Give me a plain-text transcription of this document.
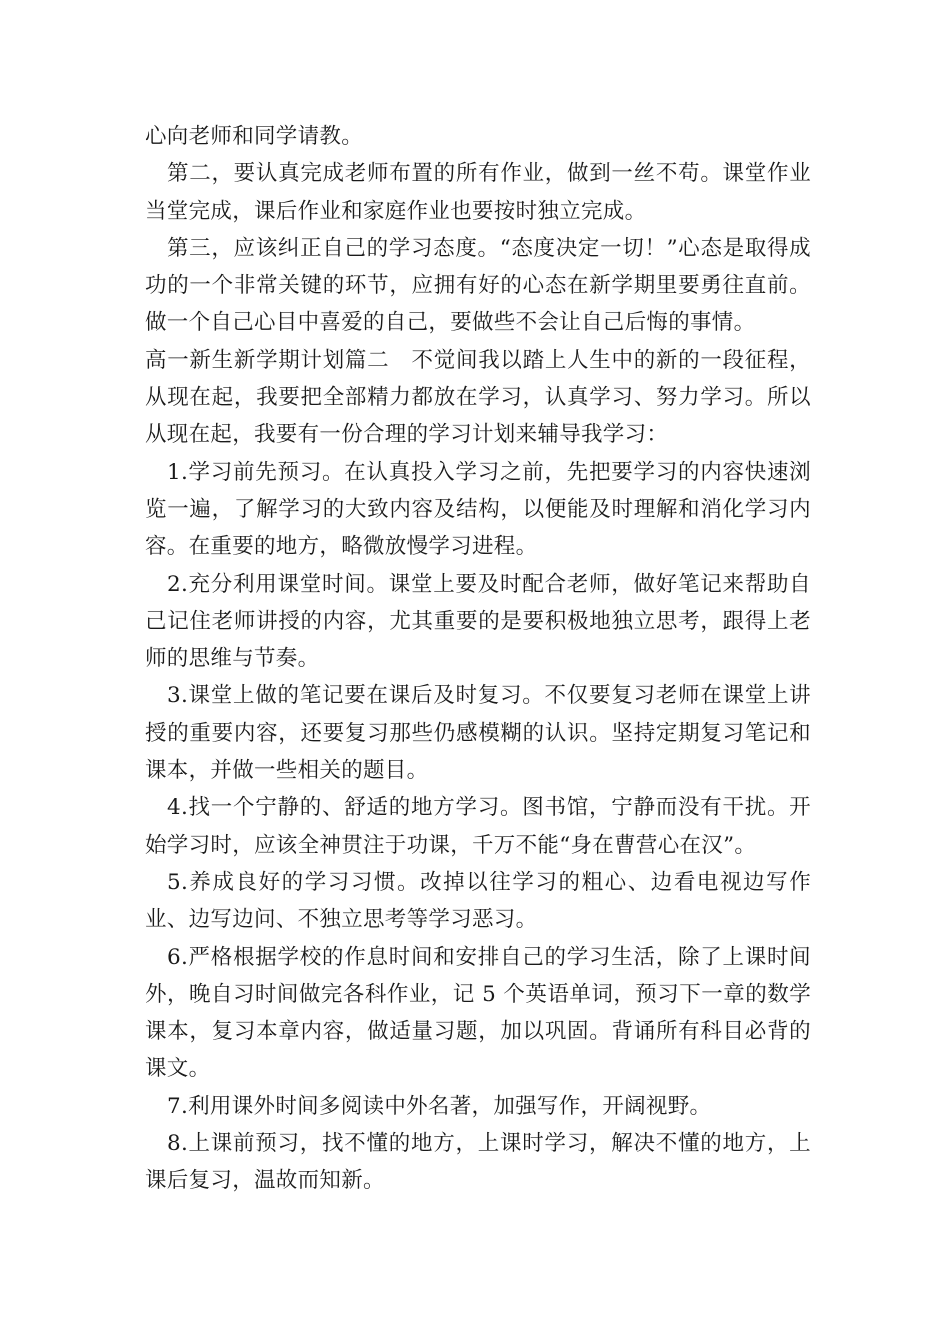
心向老师和同学请教。

第二，要认真完成老师布置的所有作业，做到一丝不苟。课堂作业当堂完成，课后作业和家庭作业也要按时独立完成。

第三，应该纠正自己的学习态度。“态度决定一切！”心态是取得成功的一个非常关键的环节，应拥有好的心态在新学期里要勇往直前。做一个自己心目中喜爱的自己，要做些不会让自己后悔的事情。

高一新生新学期计划篇二　不觉间我以踏上人生中的新的一段征程，从现在起，我要把全部精力都放在学习，认真学习、努力学习。所以从现在起，我要有一份合理的学习计划来辅导我学习：

1.学习前先预习。在认真投入学习之前，先把要学习的内容快速浏览一遍，了解学习的大致内容及结构，以便能及时理解和消化学习内容。在重要的地方，略微放慢学习进程。

2.充分利用课堂时间。课堂上要及时配合老师，做好笔记来帮助自己记住老师讲授的内容，尤其重要的是要积极地独立思考，跟得上老师的思维与节奏。

3.课堂上做的笔记要在课后及时复习。不仅要复习老师在课堂上讲授的重要内容，还要复习那些仍感模糊的认识。坚持定期复习笔记和课本，并做一些相关的题目。

4.找一个宁静的、舒适的地方学习。图书馆，宁静而没有干扰。开始学习时，应该全神贯注于功课，千万不能“身在曹营心在汉”。

5.养成良好的学习习惯。改掉以往学习的粗心、边看电视边写作业、边写边问、不独立思考等学习恶习。

6.严格根据学校的作息时间和安排自己的学习生活，除了上课时间外，晚自习时间做完各科作业，记 5 个英语单词，预习下一章的数学课本，复习本章内容，做适量习题，加以巩固。背诵所有科目必背的课文。

7.利用课外时间多阅读中外名著，加强写作，开阔视野。

8.上课前预习，找不懂的地方，上课时学习，解决不懂的地方，上课后复习，温故而知新。
